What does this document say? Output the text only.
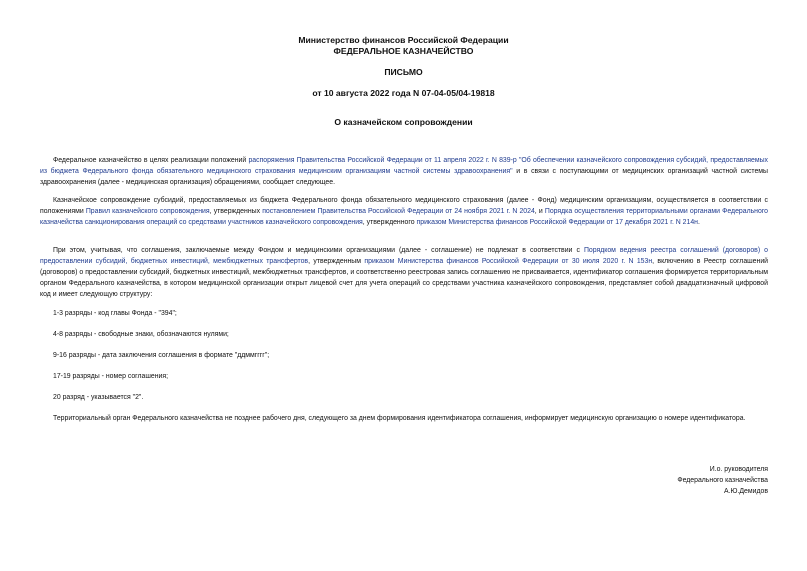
Министерство финансов Российской Федерации
ФЕДЕРАЛЬНОЕ КАЗНАЧЕЙСТВО
ПИСЬМО
от 10 августа 2022 года N 07-04-05/04-19818
О казначейском сопровождении

Федеральное казначейство в целях реализации положений распоряжения Правительства Российской Федерации от 11 апреля 2022 г. N 839-р "Об обеспечении казначейского сопровождения субсидий, предоставляемых из бюджета Федерального фонда обязательного медицинского страхования медицинским организациям частной системы здравоохранения" и в связи с поступающими от медицинских организаций частной системы здравоохранения (далее - медицинская организация) обращениями, сообщает следующее.

Казначейское сопровождение субсидий, предоставляемых из бюджета Федерального фонда обязательного медицинского страхования (далее - Фонд) медицинским организациям, осуществляется в соответствии с положениями Правил казначейского сопровождения, утвержденных постановлением Правительства Российской Федерации от 24 ноября 2021 г. N 2024, и Порядка осуществления территориальными органами Федерального казначейства санкционирования операций со средствами участников казначейского сопровождения, утвержденного приказом Министерства финансов Российской Федерации от 17 декабря 2021 г. N 214н.

При этом, учитывая, что соглашения, заключаемые между Фондом и медицинскими организациями (далее - соглашение) не подлежат в соответствии с Порядком ведения реестра соглашений (договоров) о предоставлении субсидий, бюджетных инвестиций, межбюджетных трансфертов, утвержденным приказом Министерства финансов Российской Федерации от 30 июля 2020 г. N 153н, включению в Реестр соглашений (договоров) о предоставлении субсидий, бюджетных инвестиций, межбюджетных трансфертов, и соответственно реестровая запись соглашению не присваивается, идентификатор соглашения формируется территориальным органом Федерального казначейства, в котором медицинской организации открыт лицевой счет для учета операций со средствами участника казначейского сопровождения, представляет собой двадцатизначный цифровой код и имеет следующую структуру:

1-3 разряды - код главы Фонда - "394";
4-8 разряды - свободные знаки, обозначаются нулями;
9-16 разряды - дата заключения соглашения в формате "ддммгггг";
17-19 разряды - номер соглашения;
20 разряд - указывается "2".

Территориальный орган Федерального казначейства не позднее рабочего дня, следующего за днем формирования идентификатора соглашения, информирует медицинскую организацию о номере идентификатора.

И.о. руководителя
Федерального казначейства
А.Ю.Демидов
